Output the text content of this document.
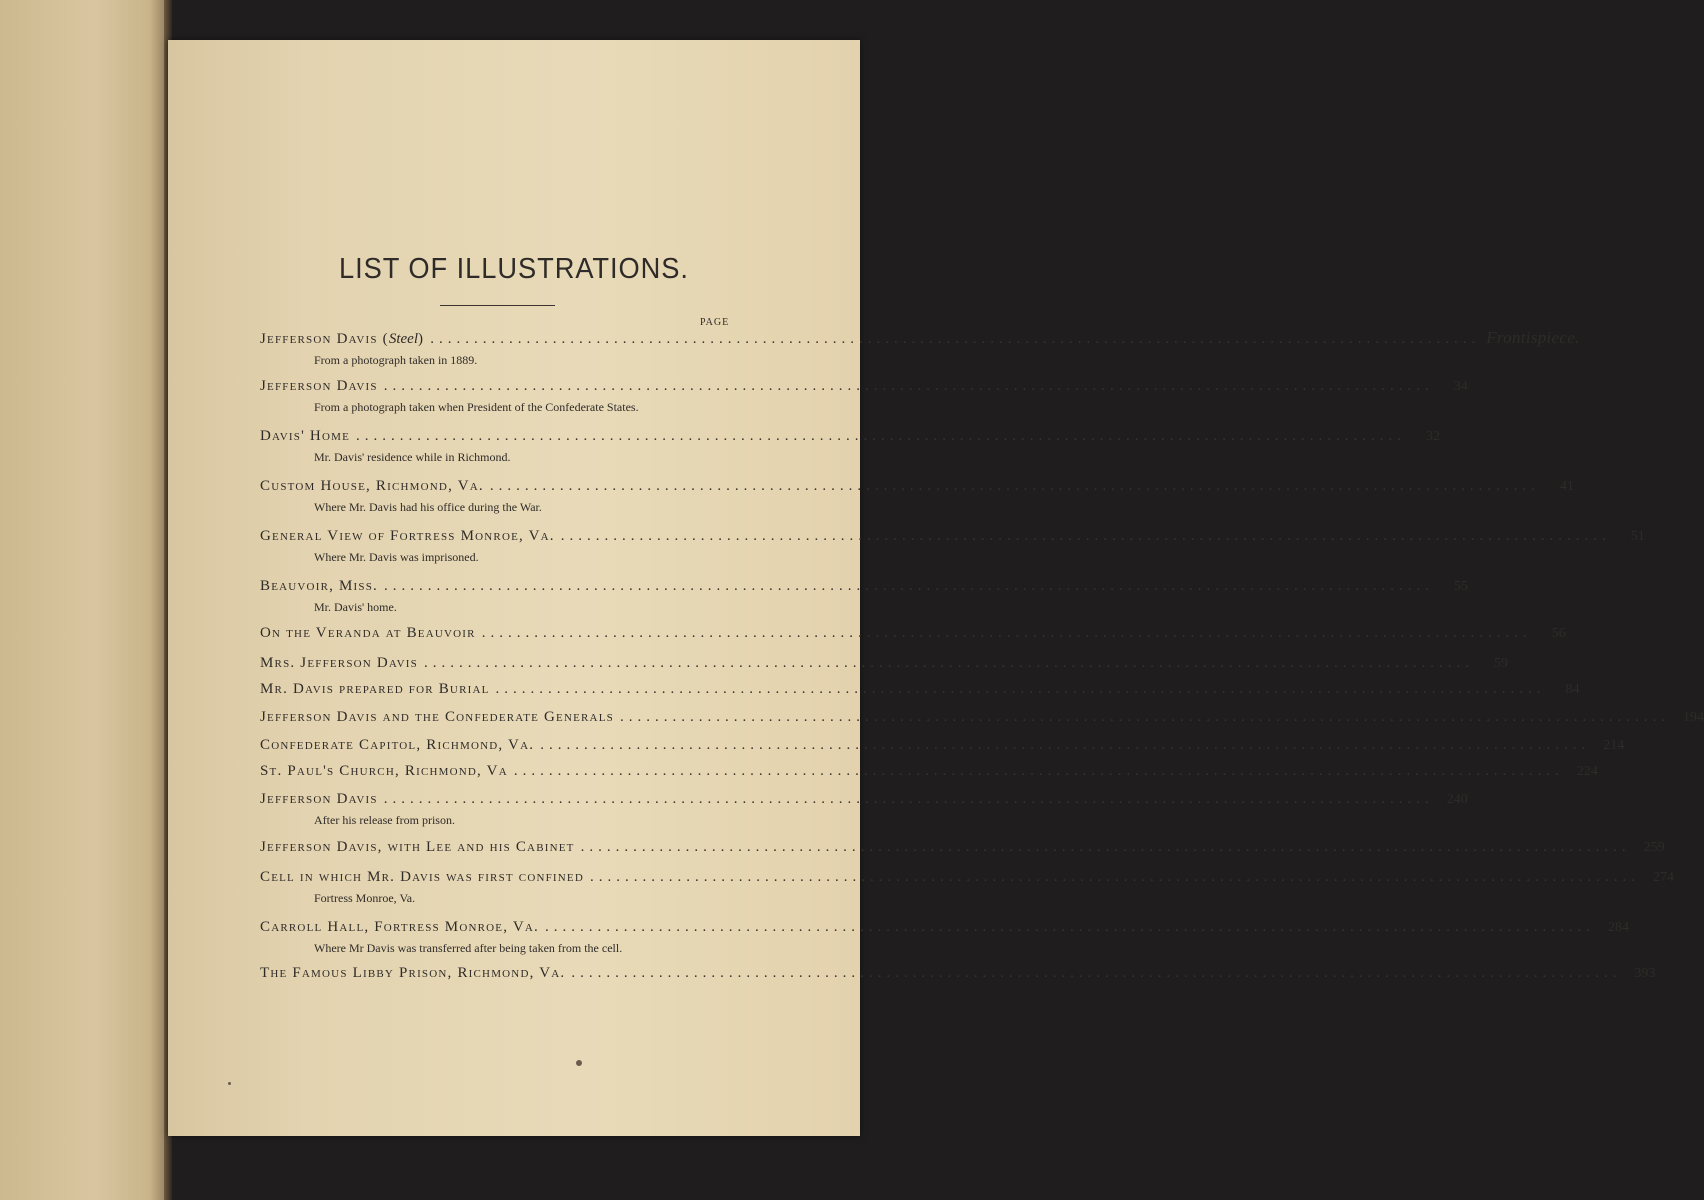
LIST OF ILLUSTRATIONS.
PAGE
Jefferson Davis (Steel) ........................................................................................................................ Frontispiece.
From a photograph taken in 1889.
Jefferson Davis ........................................................................................................................	34
From a photograph taken when President of the Confederate States.
Davis' Home ........................................................................................................................	32
Mr. Davis' residence while in Richmond.
Custom House, Richmond, Va. ........................................................................................................................	41
Where Mr. Davis had his office during the War.
General View of Fortress Monroe, Va. ........................................................................................................................	51
Where Mr. Davis was imprisoned.
Beauvoir, Miss. ........................................................................................................................	55
Mr. Davis' home.
On the Veranda at Beauvoir ........................................................................................................................	56
Mrs. Jefferson Davis ........................................................................................................................	59
Mr. Davis prepared for Burial ........................................................................................................................	84
Jefferson Davis and the Confederate Generals ........................................................................................................................ 194
Confederate Capitol, Richmond, Va. ........................................................................................................................ 214
St. Paul's Church, Richmond, Va ........................................................................................................................ 224
Jefferson Davis ........................................................................................................................ 240
After his release from prison.
Jefferson Davis, with Lee and his Cabinet ........................................................................................................................ 259
Cell in which Mr. Davis was first confined ........................................................................................................................ 274
Fortress Monroe, Va.
Carroll Hall, Fortress Monroe, Va. ........................................................................................................................ 284
Where Mr Davis was transferred after being taken from the cell.
The Famous Libby Prison, Richmond, Va. ........................................................................................................................ 393
